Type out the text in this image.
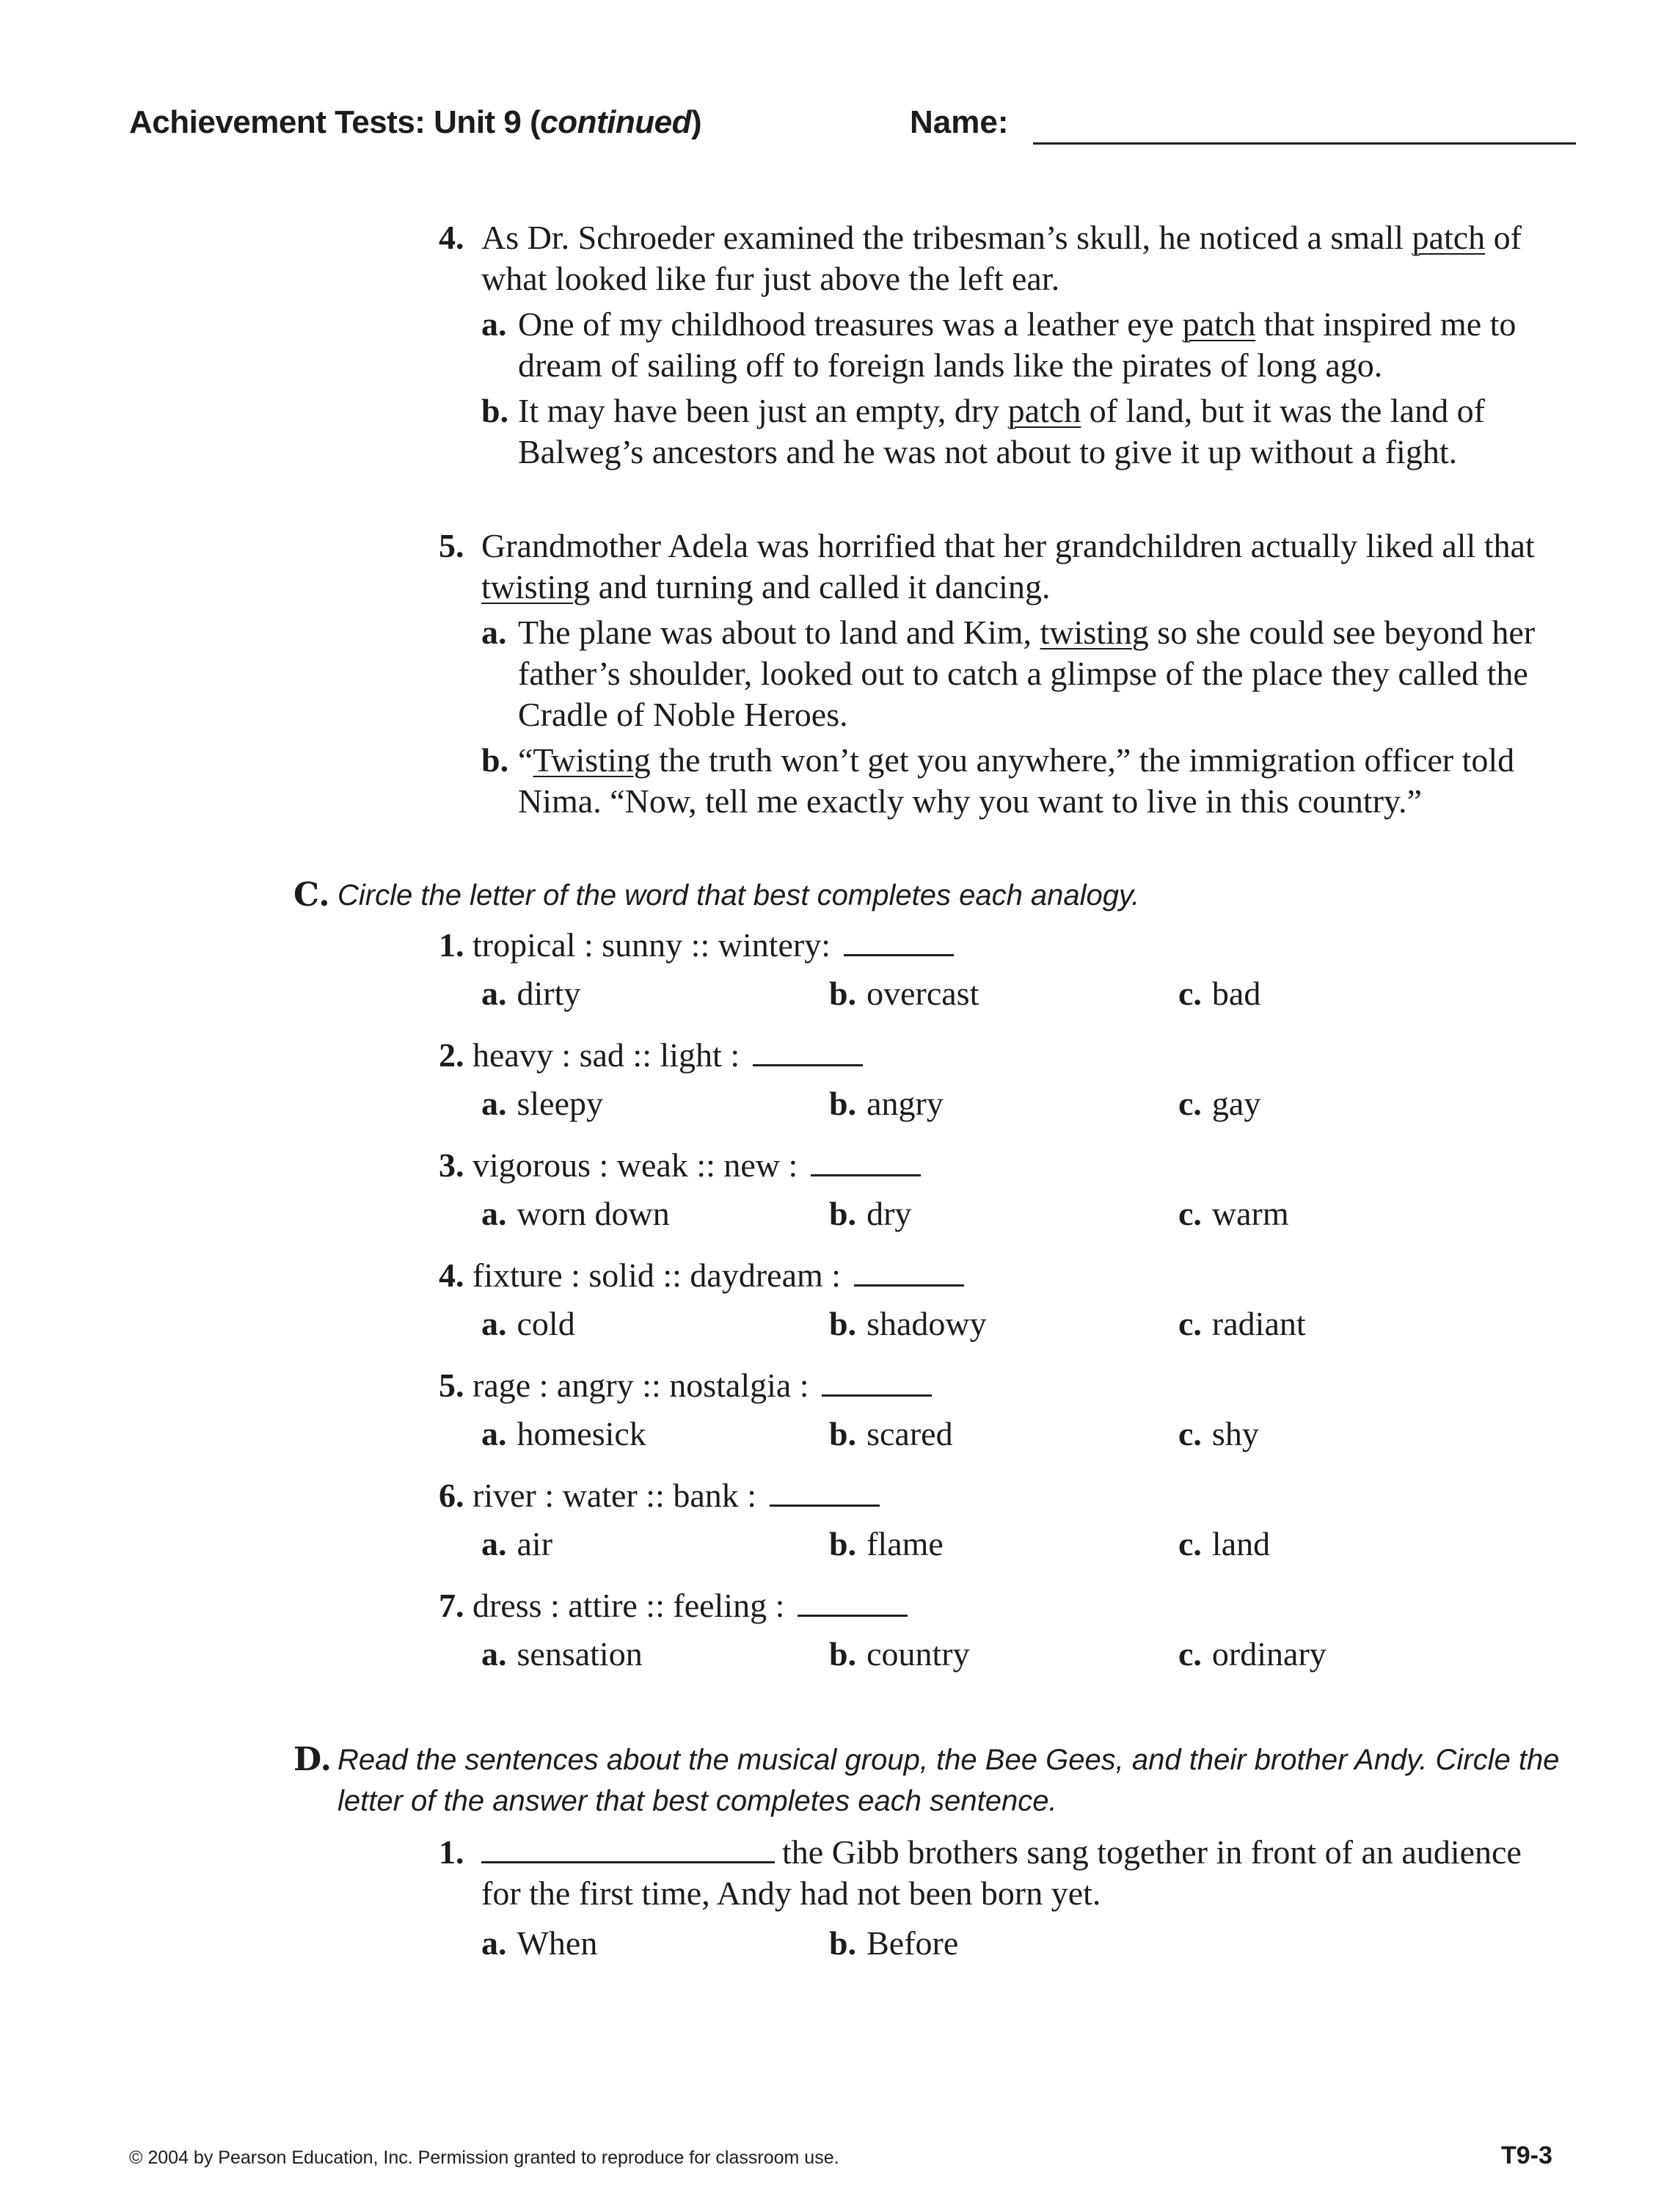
Achievement Tests: Unit 9 (continued)	Name:
4. As Dr. Schroeder examined the tribesman’s skull, he noticed a small patch of what looked like fur just above the left ear.
a. One of my childhood treasures was a leather eye patch that inspired me to dream of sailing off to foreign lands like the pirates of long ago.
b. It may have been just an empty, dry patch of land, but it was the land of Balweg’s ancestors and he was not about to give it up without a fight.
5. Grandmother Adela was horrified that her grandchildren actually liked all that twisting and turning and called it dancing.
a. The plane was about to land and Kim, twisting so she could see beyond her father’s shoulder, looked out to catch a glimpse of the place they called the Cradle of Noble Heroes.
b. “Twisting the truth won’t get you anywhere,” the immigration officer told Nima. “Now, tell me exactly why you want to live in this country.”
C. Circle the letter of the word that best completes each analogy.
1. tropical : sunny :: wintery:
a. dirty	b. overcast	c. bad
2. heavy : sad :: light :
a. sleepy	b. angry	c. gay
3. vigorous : weak :: new :
a. worn down	b. dry	c. warm
4. fixture : solid :: daydream :
a. cold	b. shadowy	c. radiant
5. rage : angry :: nostalgia :
a. homesick	b. scared	c. shy
6. river : water :: bank :
a. air	b. flame	c. land
7. dress : attire :: feeling :
a. sensation	b. country	c. ordinary
D. Read the sentences about the musical group, the Bee Gees, and their brother Andy. Circle the letter of the answer that best completes each sentence.
1.	the Gibb brothers sang together in front of an audience for the first time, Andy had not been born yet.
a. When	b. Before
© 2004 by Pearson Education, Inc. Permission granted to reproduce for classroom use.	T9-3
